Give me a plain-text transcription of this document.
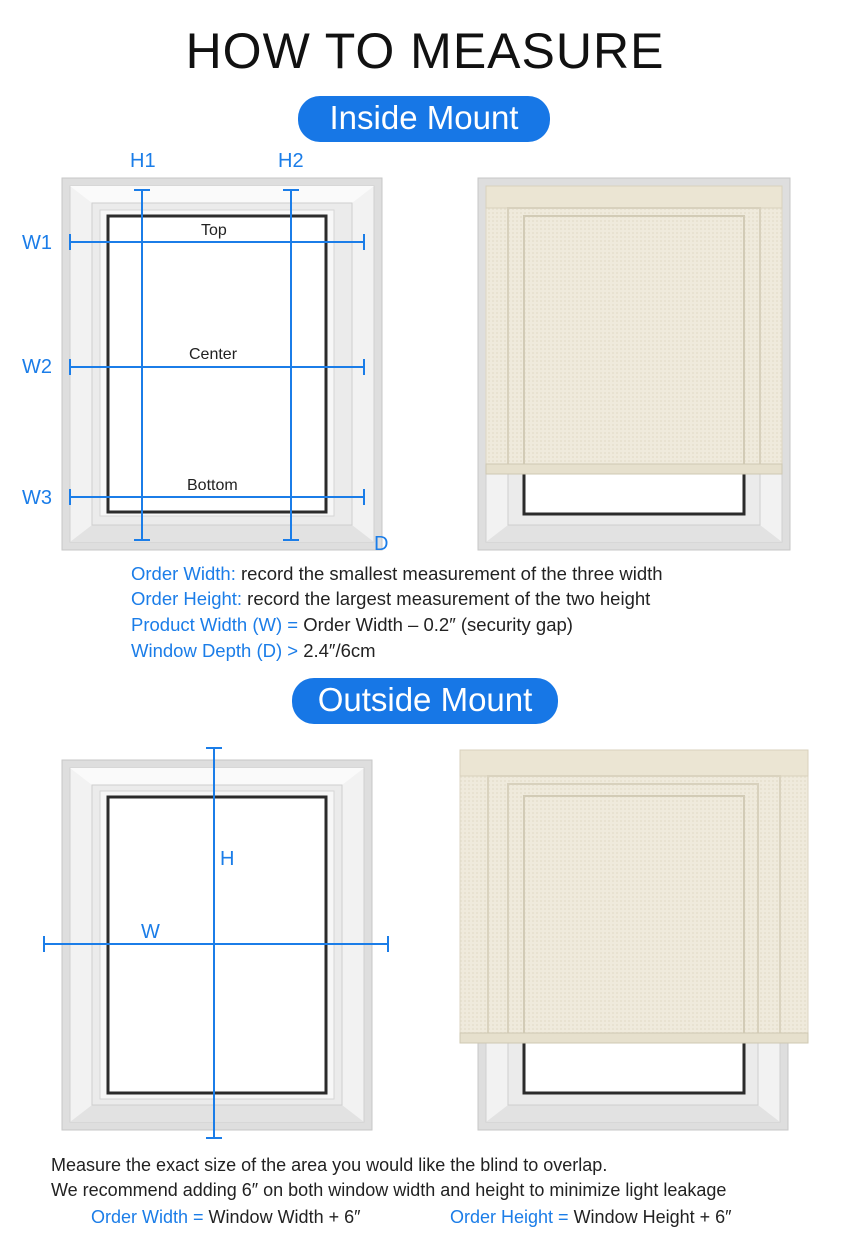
HOW TO MEASURE
Inside Mount
H1	H2
W1
W2
W3
Top
Center
Bottom
D
Order Width: record the smallest measurement of the three width
Order Height: record the largest measurement of the two height
Product Width (W) = Order Width – 0.2″ (security gap)
Window Depth (D) > 2.4″/6cm
Outside Mount
H
W
Measure the exact size of the area you would like the blind to overlap.
We recommend adding 6″ on both window width and height to minimize light leakage
Order Width = Window Width + 6″	Order Height = Window Height + 6″
